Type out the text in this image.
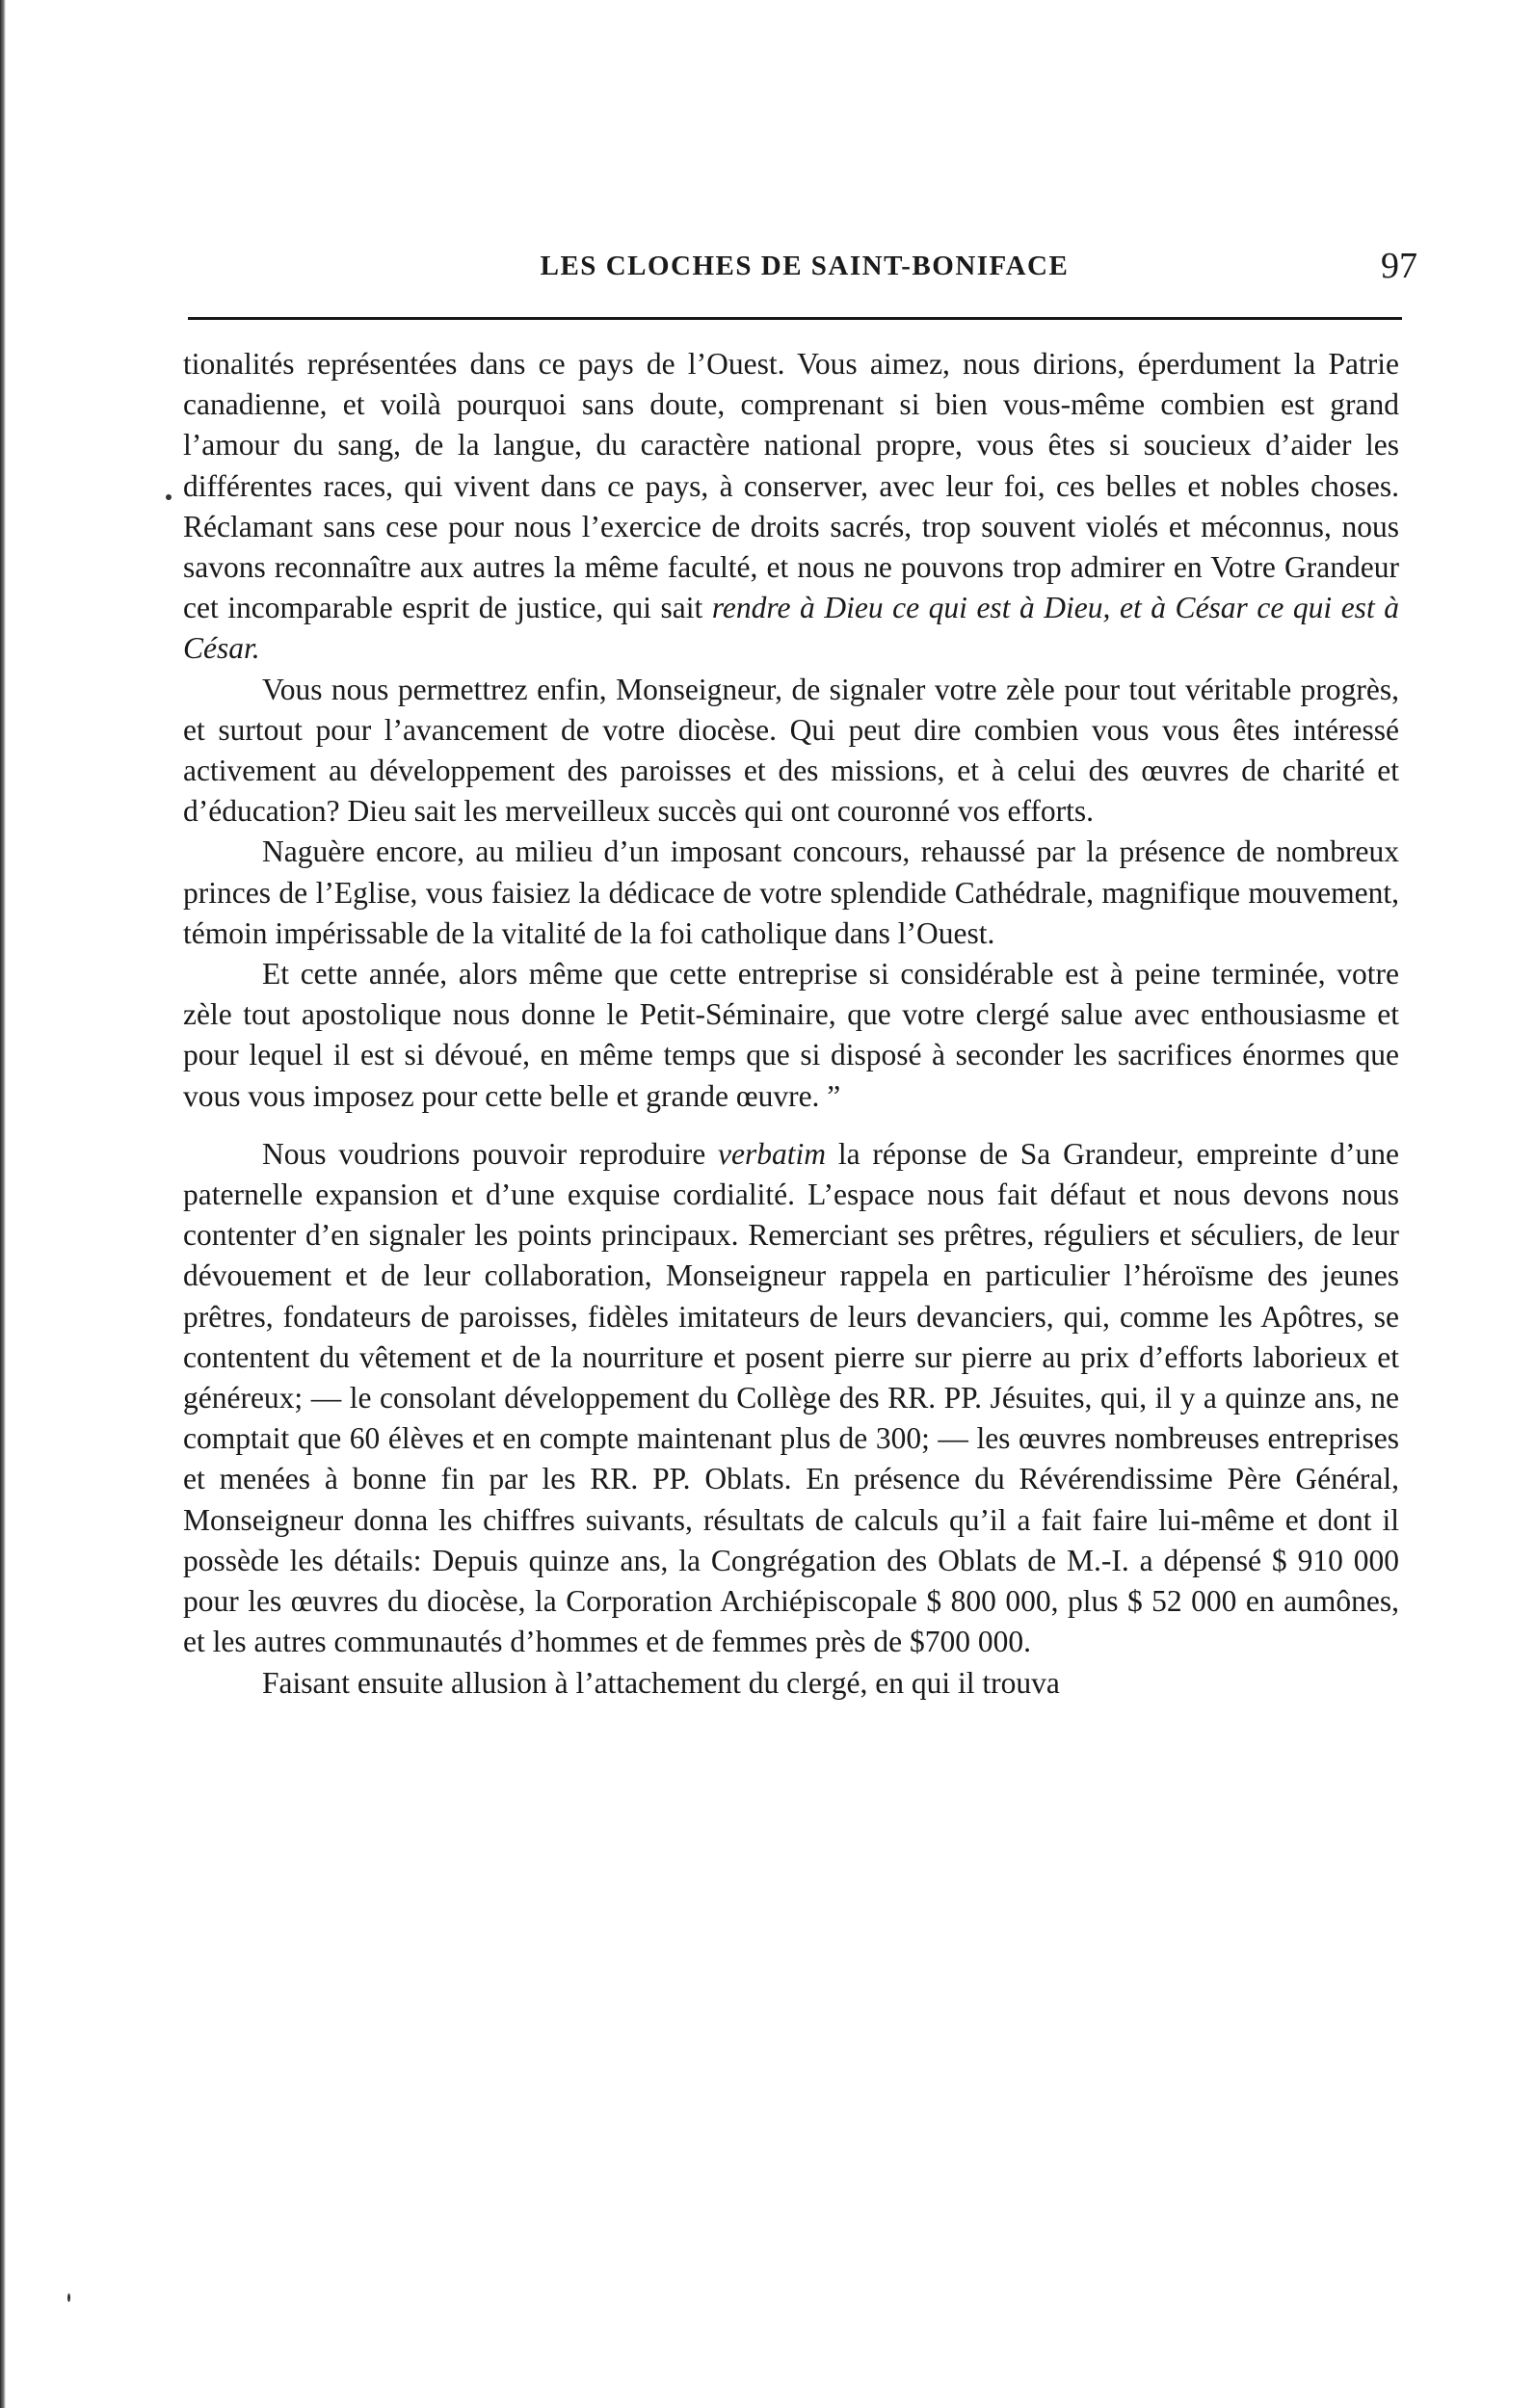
LES CLOCHES DE SAINT-BONIFACE	97

tionalités représentées dans ce pays de l’Ouest. Vous aimez, nous dirions, éperdument la Patrie canadienne, et voilà pourquoi sans doute, comprenant si bien vous-même combien est grand l’amour du sang, de la langue, du caractère national propre, vous êtes si soucieux d’aider les différentes races, qui vivent dans ce pays, à conserver, avec leur foi, ces belles et nobles choses. Réclamant sans cese pour nous l’exercice de droits sacrés, trop souvent violés et méconnus, nous savons reconnaître aux autres la même faculté, et nous ne pouvons trop admirer en Votre Grandeur cet incomparable esprit de justice, qui sait rendre à Dieu ce qui est à Dieu, et à César ce qui est à César.

Vous nous permettrez enfin, Monseigneur, de signaler votre zèle pour tout véritable progrès, et surtout pour l’avancement de votre diocèse. Qui peut dire combien vous vous êtes intéressé activement au développement des paroisses et des missions, et à celui des œuvres de charité et d’éducation? Dieu sait les merveilleux succès qui ont couronné vos efforts.

Naguère encore, au milieu d’un imposant concours, rehaussé par la présence de nombreux princes de l’Eglise, vous faisiez la dédicace de votre splendide Cathédrale, magnifique mouvement, témoin impérissable de la vitalité de la foi catholique dans l’Ouest.

Et cette année, alors même que cette entreprise si considérable est à peine terminée, votre zèle tout apostolique nous donne le Petit-Séminaire, que votre clergé salue avec enthousiasme et pour lequel il est si dévoué, en même temps que si disposé à seconder les sacrifices énormes que vous vous imposez pour cette belle et grande œuvre. ”

Nous voudrions pouvoir reproduire verbatim la réponse de Sa Grandeur, empreinte d’une paternelle expansion et d’une exquise cordialité. L’espace nous fait défaut et nous devons nous contenter d’en signaler les points principaux. Remerciant ses prêtres, réguliers et séculiers, de leur dévouement et de leur collaboration, Monseigneur rappela en particulier l’héroïsme des jeunes prêtres, fondateurs de paroisses, fidèles imitateurs de leurs devanciers, qui, comme les Apôtres, se contentent du vêtement et de la nourriture et posent pierre sur pierre au prix d’efforts laborieux et généreux; — le consolant développement du Collège des RR. PP. Jésuites, qui, il y a quinze ans, ne comptait que 60 élèves et en compte maintenant plus de 300; — les œuvres nombreuses entreprises et menées à bonne fin par les RR. PP. Oblats. En présence du Révérendissime Père Général, Monseigneur donna les chiffres suivants, résultats de calculs qu’il a fait faire lui-même et dont il possède les détails: Depuis quinze ans, la Congrégation des Oblats de M.-I. a dépensé $ 910 000 pour les œuvres du diocèse, la Corporation Archiépiscopale $ 800 000, plus $ 52 000 en aumônes, et les autres communautés d’hommes et de femmes près de $700 000.

Faisant ensuite allusion à l’attachement du clergé, en qui il trouva
